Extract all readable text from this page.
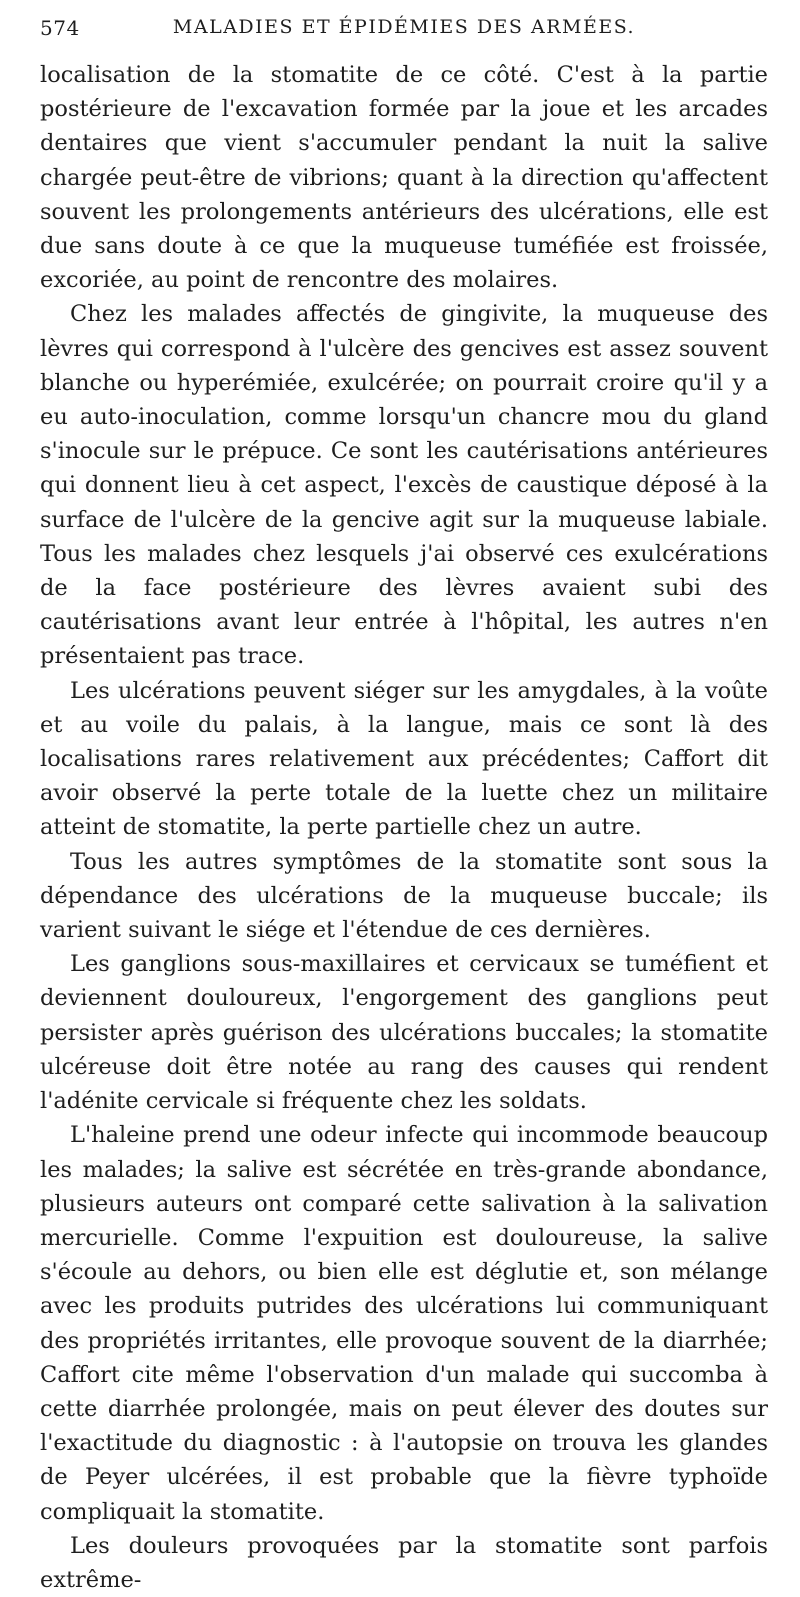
574	MALADIES ET ÉPIDÉMIES DES ARMÉES.

localisation de la stomatite de ce côté. C'est à la partie postérieure de l'excavation formée par la joue et les arcades dentaires que vient s'accumuler pendant la nuit la salive chargée peut-être de vibrions; quant à la direction qu'affectent souvent les prolongements antérieurs des ulcérations, elle est due sans doute à ce que la muqueuse tuméfiée est froissée, excoriée, au point de rencontre des molaires.

Chez les malades affectés de gingivite, la muqueuse des lèvres qui correspond à l'ulcère des gencives est assez souvent blanche ou hyperémiée, exulcérée; on pourrait croire qu'il y a eu auto-inoculation, comme lorsqu'un chancre mou du gland s'inocule sur le prépuce. Ce sont les cautérisations antérieures qui donnent lieu à cet aspect, l'excès de caustique déposé à la surface de l'ulcère de la gencive agit sur la muqueuse labiale. Tous les malades chez lesquels j'ai observé ces exulcérations de la face postérieure des lèvres avaient subi des cautérisations avant leur entrée à l'hôpital, les autres n'en présentaient pas trace.

Les ulcérations peuvent siéger sur les amygdales, à la voûte et au voile du palais, à la langue, mais ce sont là des localisations rares relativement aux précédentes; Caffort dit avoir observé la perte totale de la luette chez un militaire atteint de stomatite, la perte partielle chez un autre.

Tous les autres symptômes de la stomatite sont sous la dépendance des ulcérations de la muqueuse buccale; ils varient suivant le siége et l'étendue de ces dernières.

Les ganglions sous-maxillaires et cervicaux se tuméfient et deviennent douloureux, l'engorgement des ganglions peut persister après guérison des ulcérations buccales; la stomatite ulcéreuse doit être notée au rang des causes qui rendent l'adénite cervicale si fréquente chez les soldats.

L'haleine prend une odeur infecte qui incommode beaucoup les malades; la salive est sécrétée en très-grande abondance, plusieurs auteurs ont comparé cette salivation à la salivation mercurielle. Comme l'expuition est douloureuse, la salive s'écoule au dehors, ou bien elle est déglutie et, son mélange avec les produits putrides des ulcérations lui communiquant des propriétés irritantes, elle provoque souvent de la diarrhée; Caffort cite même l'observation d'un malade qui succomba à cette diarrhée prolongée, mais on peut élever des doutes sur l'exactitude du diagnostic : à l'autopsie on trouva les glandes de Peyer ulcérées, il est probable que la fièvre typhoïde compliquait la stomatite.

Les douleurs provoquées par la stomatite sont parfois extrême-
